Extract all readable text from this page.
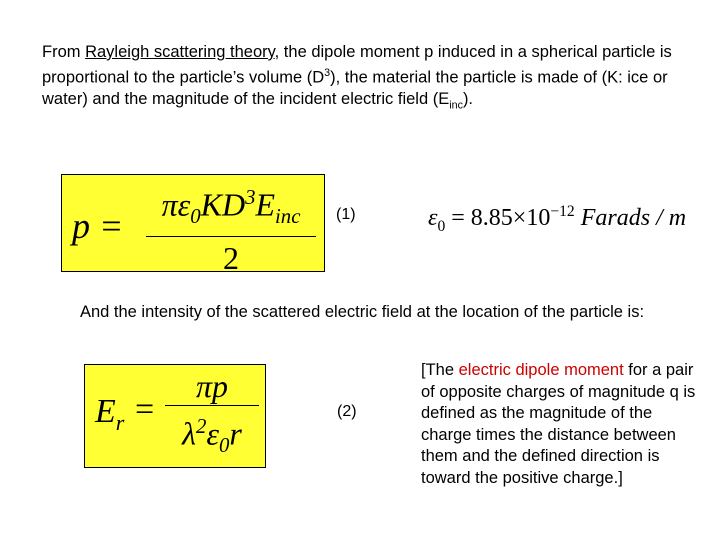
From Rayleigh scattering theory, the dipole moment p induced in a spherical particle is proportional to the particle’s volume $(D^3)$, the material the particle is made of (K: ice or water) and the magnitude of the incident electric field $(E_{inc})$.
p =
$\pi\varepsilon_0KD^3E_{inc}$
2
(1)	$\varepsilon_0 = 8.85\times 10^{-12}$ Farads / m
And the intensity of the scattered electric field at the location of the particle is:
$E_r$ =
πp
$\lambda^2\varepsilon_0r$
(2)
[The electric dipole moment for a pair of opposite charges of magnitude q is defined as the magnitude of the charge times the distance between them and the defined direction is toward the positive charge.]
